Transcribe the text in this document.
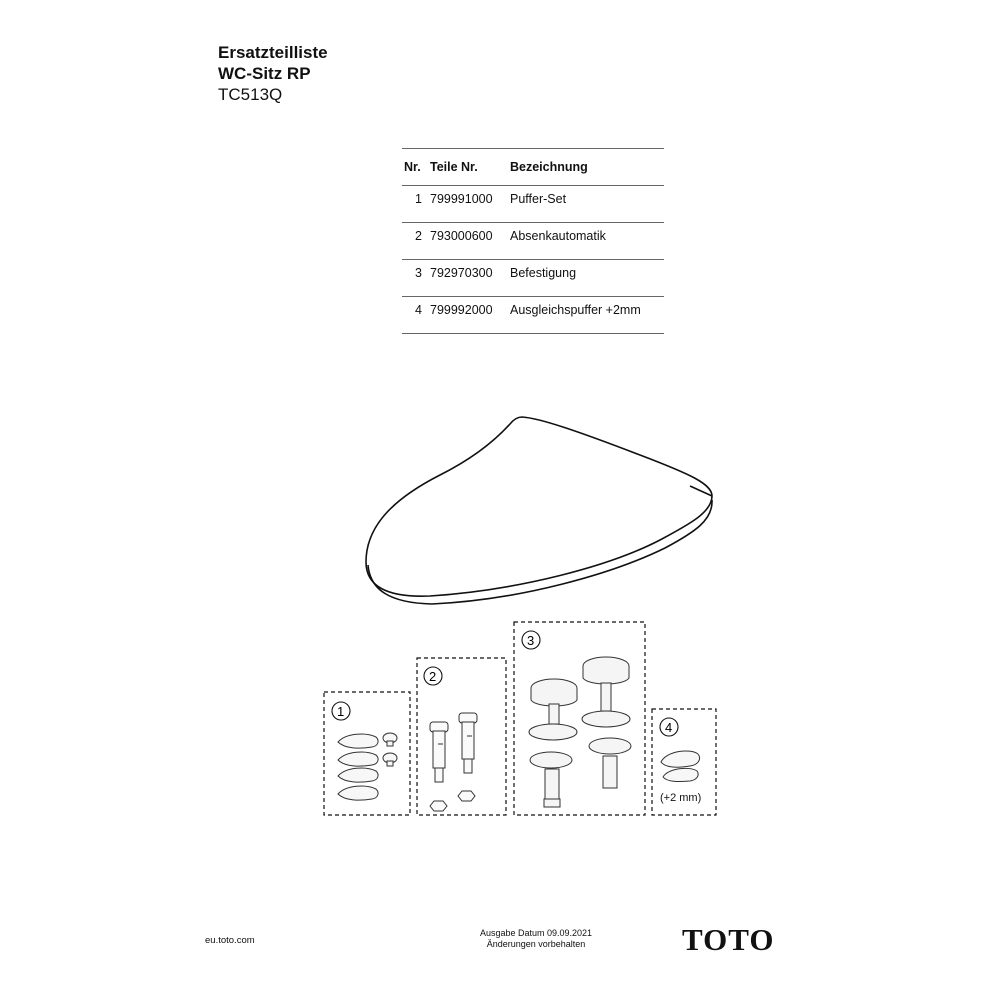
Ersatzteilliste
WC-Sitz RP
TC513Q
Nr.	Teile Nr.	Bezeichnung
1	799991000	Puffer-Set
2	793000600	Absenkautomatik
3	792970300	Befestigung
4	799992000	Ausgleichspuffer +2mm
1
2
3
4
(+2 mm)
eu.toto.com
Ausgabe Datum 09.09.2021
Änderungen vorbehalten	TOTO
